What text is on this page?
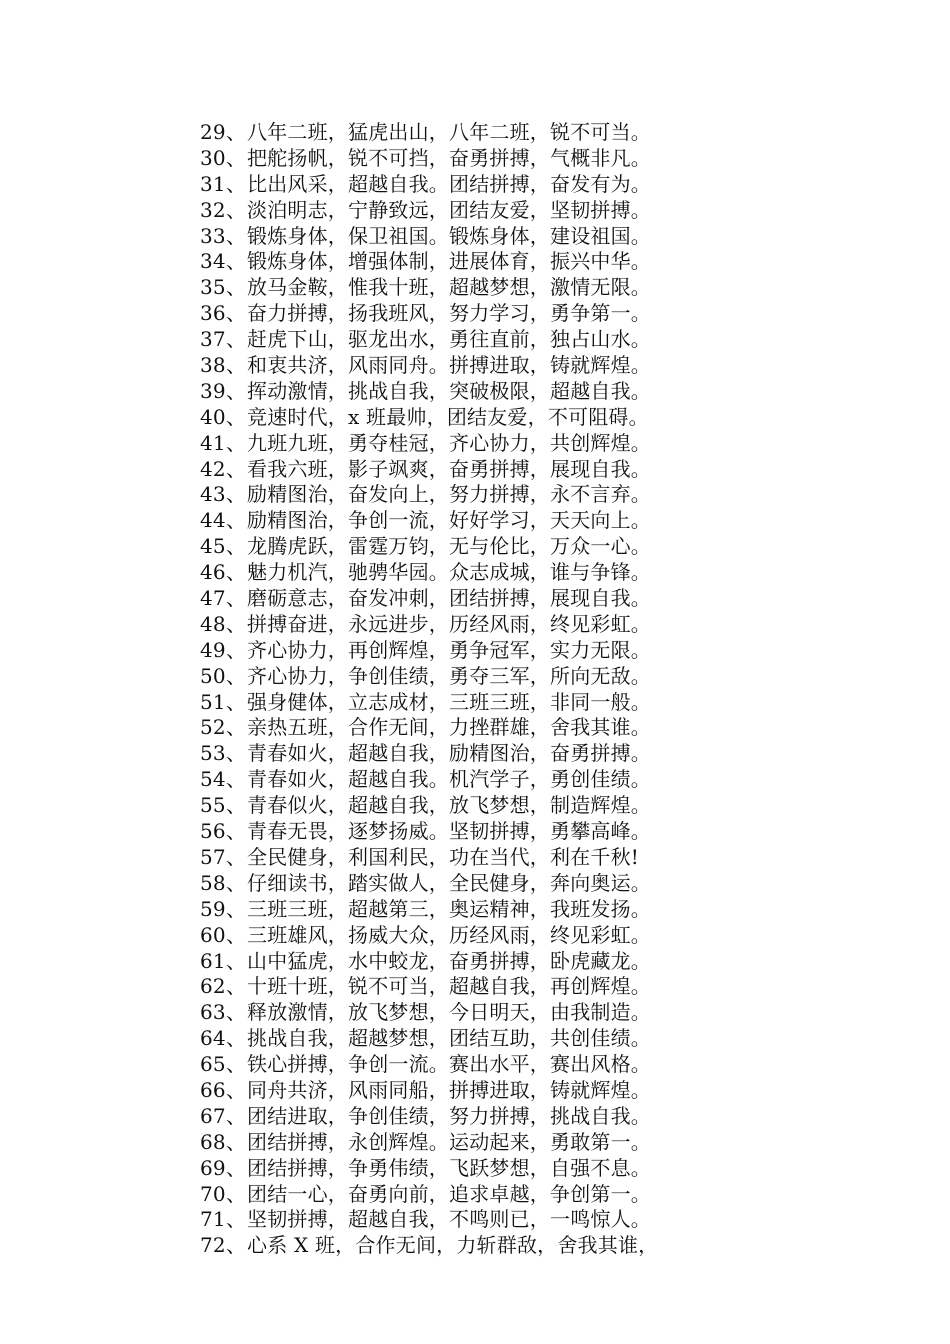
29、八年二班，猛虎出山，八年二班，锐不可当。
30、把舵扬帆，锐不可挡，奋勇拼搏，气概非凡。
31、比出风采，超越自我。团结拼搏，奋发有为。
32、淡泊明志，宁静致远，团结友爱，坚韧拼搏。
33、锻炼身体，保卫祖国。锻炼身体，建设祖国。
34、锻炼身体，增强体制，进展体育，振兴中华。
35、放马金鞍，惟我十班，超越梦想，激情无限。
36、奋力拼搏，扬我班风，努力学习，勇争第一。
37、赶虎下山，驱龙出水，勇往直前，独占山水。
38、和衷共济，风雨同舟。拼搏进取，铸就辉煌。
39、挥动激情，挑战自我，突破极限，超越自我。
40、竞速时代，x 班最帅，团结友爱，不可阻碍。
41、九班九班，勇夺桂冠，齐心协力，共创辉煌。
42、看我六班，影子飒爽，奋勇拼搏，展现自我。
43、励精图治，奋发向上，努力拼搏，永不言弃。
44、励精图治，争创一流，好好学习，天天向上。
45、龙腾虎跃，雷霆万钧，无与伦比，万众一心。
46、魅力机汽，驰骋华园。众志成城，谁与争锋。
47、磨砺意志，奋发冲刺，团结拼搏，展现自我。
48、拼搏奋进，永远进步，历经风雨，终见彩虹。
49、齐心协力，再创辉煌，勇争冠军，实力无限。
50、齐心协力，争创佳绩，勇夺三军，所向无敌。
51、强身健体，立志成材，三班三班，非同一般。
52、亲热五班，合作无间，力挫群雄，舍我其谁。
53、青春如火，超越自我，励精图治，奋勇拼搏。
54、青春如火，超越自我。机汽学子，勇创佳绩。
55、青春似火，超越自我，放飞梦想，制造辉煌。
56、青春无畏，逐梦扬威。坚韧拼搏，勇攀高峰。
57、全民健身，利国利民，功在当代，利在千秋!
58、仔细读书，踏实做人，全民健身，奔向奥运。
59、三班三班，超越第三，奥运精神，我班发扬。
60、三班雄风，扬威大众，历经风雨，终见彩虹。
61、山中猛虎，水中蛟龙，奋勇拼搏，卧虎藏龙。
62、十班十班，锐不可当，超越自我，再创辉煌。
63、释放激情，放飞梦想，今日明天，由我制造。
64、挑战自我，超越梦想，团结互助，共创佳绩。
65、铁心拼搏，争创一流。赛出水平，赛出风格。
66、同舟共济，风雨同船，拼搏进取，铸就辉煌。
67、团结进取，争创佳绩，努力拼搏，挑战自我。
68、团结拼搏，永创辉煌。运动起来，勇敢第一。
69、团结拼搏，争勇伟绩，飞跃梦想，自强不息。
70、团结一心，奋勇向前，追求卓越，争创第一。
71、坚韧拼搏，超越自我，不鸣则已，一鸣惊人。
72、心系 X 班，合作无间，力斩群敌，舍我其谁，
